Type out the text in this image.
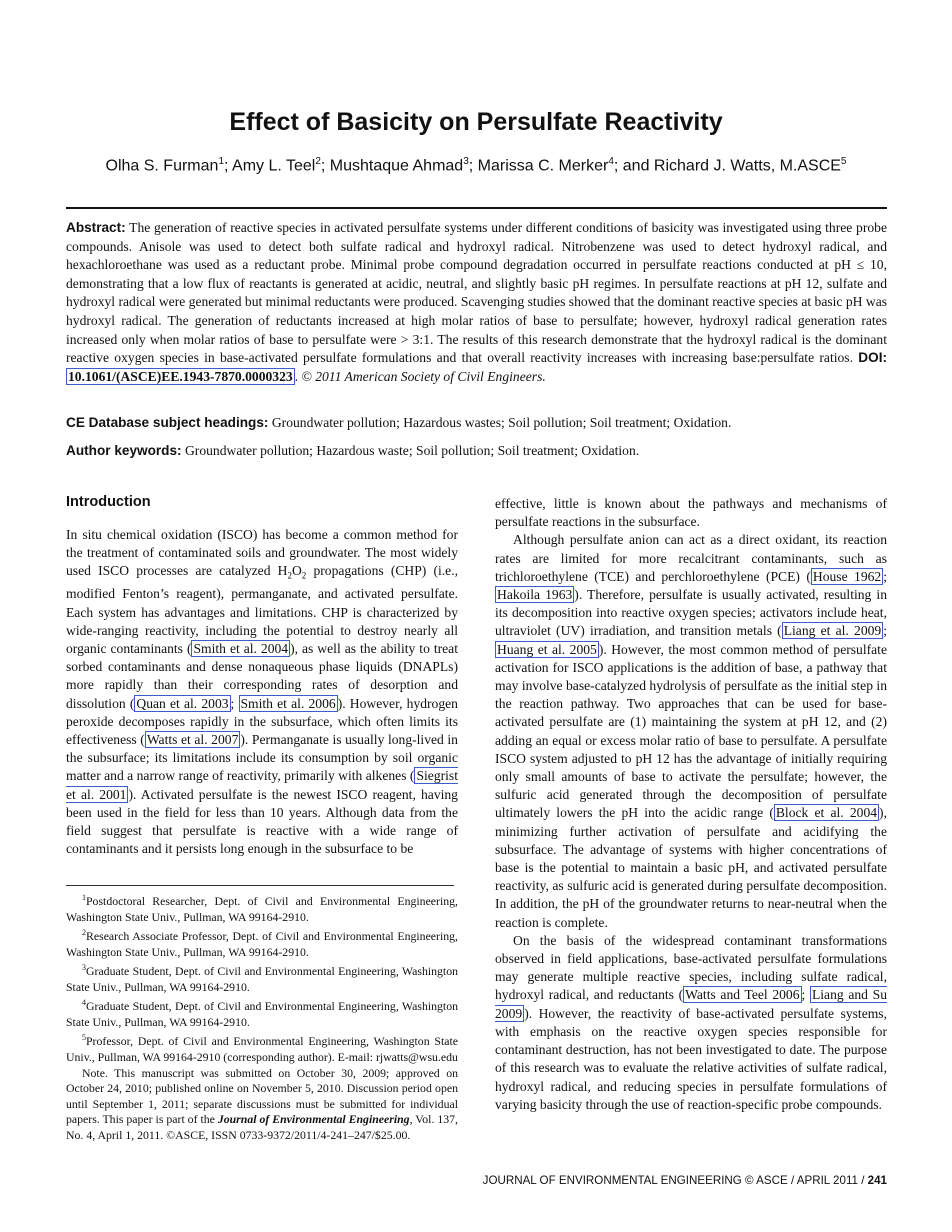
Effect of Basicity on Persulfate Reactivity
Olha S. Furman$^1$; Amy L. Teel$^2$; Mushtaque Ahmad$^3$; Marissa C. Merker$^4$; and Richard J. Watts, M.ASCE$^5$
Abstract: The generation of reactive species in activated persulfate systems under different conditions of basicity was investigated using three probe compounds. Anisole was used to detect both sulfate radical and hydroxyl radical. Nitrobenzene was used to detect hydroxyl radical, and hexachloroethane was used as a reductant probe. Minimal probe compound degradation occurred in persulfate reactions conducted at pH ≤ 10, demonstrating that a low flux of reactants is generated at acidic, neutral, and slightly basic pH regimes. In persulfate reactions at pH 12, sulfate and hydroxyl radical were generated but minimal reductants were produced. Scavenging studies showed that the dominant reactive species at basic pH was hydroxyl radical. The generation of reductants increased at high molar ratios of base to persulfate; however, hydroxyl radical generation rates increased only when molar ratios of base to persulfate were > 3:1. The results of this research demonstrate that the hydroxyl radical is the dominant reactive oxygen species in base-activated persulfate formulations and that overall reactivity increases with increasing base:persulfate ratios. DOI: 10.1061/(ASCE)EE.1943-7870.0000323 . © 2011 American Society of Civil Engineers.
CE Database subject headings: Groundwater pollution; Hazardous wastes; Soil pollution; Soil treatment; Oxidation.
Author keywords: Groundwater pollution; Hazardous waste; Soil pollution; Soil treatment; Oxidation.
Introduction

In situ chemical oxidation (ISCO) has become a common method for the treatment of contaminated soils and groundwater. The most widely used ISCO processes are catalyzed $H_2O_2$ propagations (CHP) (i.e., modified Fenton’s reagent), permanganate, and activated persulfate. Each system has advantages and limitations. CHP is characterized by wide-ranging reactivity, including the potential to destroy nearly all organic contaminants ( Smith et al. 2004 ), as well as the ability to treat sorbed contaminants and dense nonaqueous phase liquids (DNAPLs) more rapidly than their corresponding rates of desorption and dissolution ( Quan et al. 2003 ; Smith et al. 2006 ). However, hydrogen peroxide decomposes rapidly in the subsurface, which often limits its effectiveness ( Watts et al. 2007 ). Permanganate is usually long-lived in the subsurface; its limitations include its consumption by soil organic matter and a narrow range of reactivity, primarily with alkenes ( Siegrist et al. 2001 ). Activated persulfate is the newest ISCO reagent, having been used in the field for less than 10 years. Although data from the field suggest that persulfate is reactive with a wide range of contaminants and it persists long enough in the subsurface to be

$^1$Postdoctoral Researcher, Dept. of Civil and Environmental Engineering, Washington State Univ., Pullman, WA 99164-2910.

$^2$Research Associate Professor, Dept. of Civil and Environmental Engineering, Washington State Univ., Pullman, WA 99164-2910.

$^3$Graduate Student, Dept. of Civil and Environmental Engineering, Washington State Univ., Pullman, WA 99164-2910.

$^4$Graduate Student, Dept. of Civil and Environmental Engineering, Washington State Univ., Pullman, WA 99164-2910.

$^5$Professor, Dept. of Civil and Environmental Engineering, Washington State Univ., Pullman, WA 99164-2910 (corresponding author). E-mail: rjwatts@wsu.edu

Note. This manuscript was submitted on October 30, 2009; approved on October 24, 2010; published online on November 5, 2010. Discussion period open until September 1, 2011; separate discussions must be submitted for individual papers. This paper is part of the Journal of Environmental Engineering, Vol. 137, No. 4, April 1, 2011. ©ASCE, ISSN 0733-9372/2011/4-241–247/$25.00.

effective, little is known about the pathways and mechanisms of persulfate reactions in the subsurface.

Although persulfate anion can act as a direct oxidant, its reaction rates are limited for more recalcitrant contaminants, such as trichloroethylene (TCE) and perchloroethylene (PCE) ( House 1962 ; Hakoila 1963 ). Therefore, persulfate is usually activated, resulting in its decomposition into reactive oxygen species; activators include heat, ultraviolet (UV) irradiation, and transition metals ( Liang et al. 2009 ; Huang et al. 2005 ). However, the most common method of persulfate activation for ISCO applications is the addition of base, a pathway that may involve base-catalyzed hydrolysis of persulfate as the initial step in the reaction pathway. Two approaches that can be used for base-activated persulfate are (1) maintaining the system at pH 12, and (2) adding an equal or excess molar ratio of base to persulfate. A persulfate ISCO system adjusted to pH 12 has the advantage of initially requiring only small amounts of base to activate the persulfate; however, the sulfuric acid generated through the decomposition of persulfate ultimately lowers the pH into the acidic range ( Block et al. 2004 ), minimizing further activation of persulfate and acidifying the subsurface. The advantage of systems with higher concentrations of base is the potential to maintain a basic pH, and activated persulfate reactivity, as sulfuric acid is generated during persulfate decomposition. In addition, the pH of the groundwater returns to near-neutral when the reaction is complete.

On the basis of the widespread contaminant transformations observed in field applications, base-activated persulfate formulations may generate multiple reactive species, including sulfate radical, hydroxyl radical, and reductants ( Watts and Teel 2006 ; Liang and Su 2009 ). However, the reactivity of base-activated persulfate systems, with emphasis on the reactive oxygen species responsible for contaminant destruction, has not been investigated to date. The purpose of this research was to evaluate the relative activities of sulfate radical, hydroxyl radical, and reducing species in persulfate formulations of varying basicity through the use of reaction-specific probe compounds.

JOURNAL OF ENVIRONMENTAL ENGINEERING © ASCE / APRIL 2011 / 241
